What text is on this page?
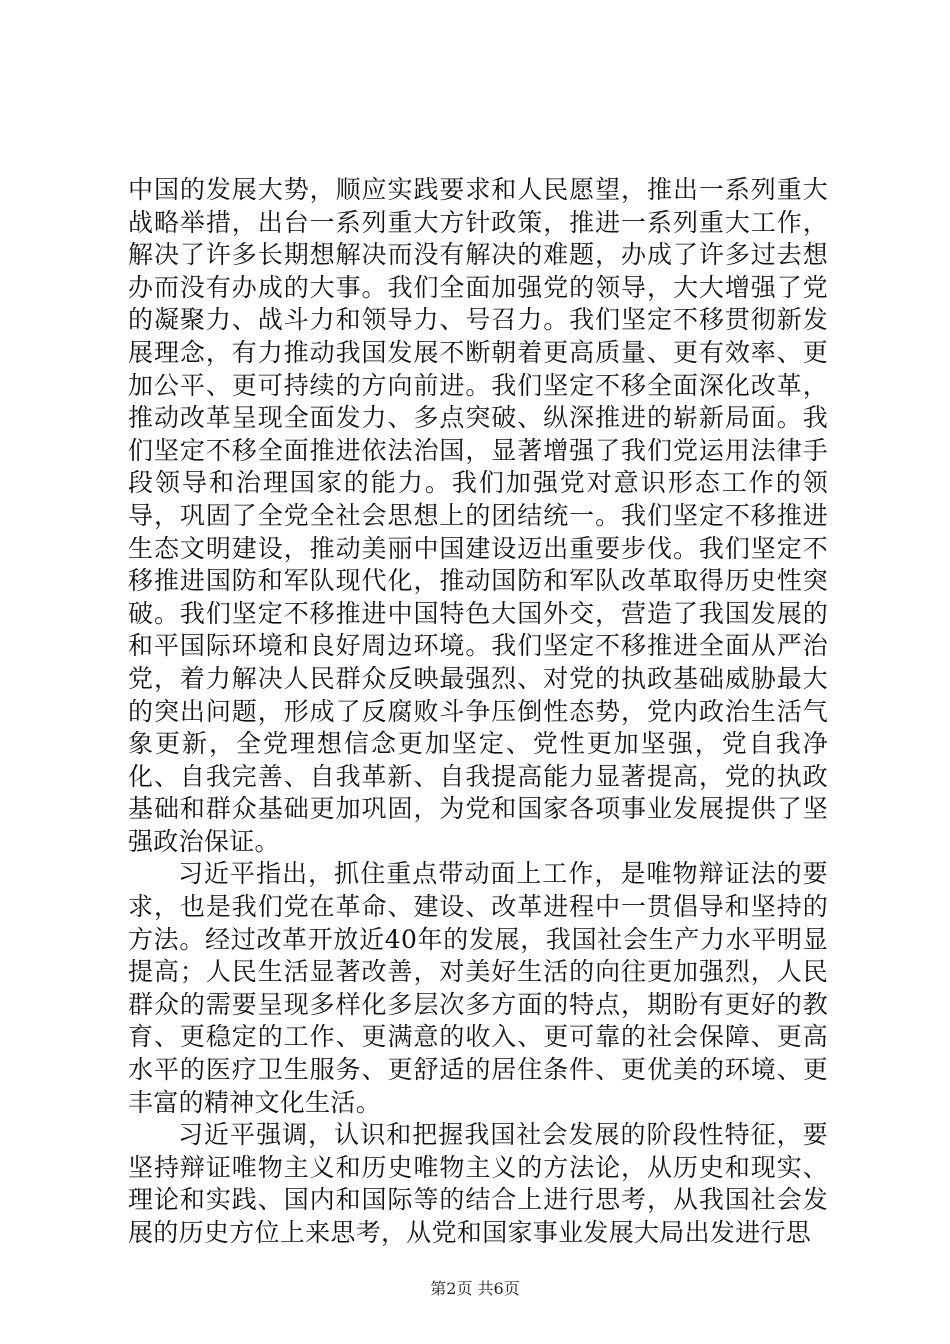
中国的发展大势，顺应实践要求和人民愿望，推出一系列重大战略举措，出台一系列重大方针政策，推进一系列重大工作，解决了许多长期想解决而没有解决的难题，办成了许多过去想办而没有办成的大事。我们全面加强党的领导，大大增强了党的凝聚力、战斗力和领导力、号召力。我们坚定不移贯彻新发展理念，有力推动我国发展不断朝着更高质量、更有效率、更加公平、更可持续的方向前进。我们坚定不移全面深化改革，推动改革呈现全面发力、多点突破、纵深推进的崭新局面。我们坚定不移全面推进依法治国，显著增强了我们党运用法律手段领导和治理国家的能力。我们加强党对意识形态工作的领导，巩固了全党全社会思想上的团结统一。我们坚定不移推进生态文明建设，推动美丽中国建设迈出重要步伐。我们坚定不移推进国防和军队现代化，推动国防和军队改革取得历史性突破。我们坚定不移推进中国特色大国外交，营造了我国发展的和平国际环境和良好周边环境。我们坚定不移推进全面从严治党，着力解决人民群众反映最强烈、对党的执政基础威胁最大的突出问题，形成了反腐败斗争压倒性态势，党内政治生活气象更新，全党理想信念更加坚定、党性更加坚强，党自我净化、自我完善、自我革新、自我提高能力显著提高，党的执政基础和群众基础更加巩固，为党和国家各项事业发展提供了坚强政治保证。

习近平指出，抓住重点带动面上工作，是唯物辩证法的要求，也是我们党在革命、建设、改革进程中一贯倡导和坚持的方法。经过改革开放近40年的发展，我国社会生产力水平明显提高；人民生活显著改善，对美好生活的向往更加强烈，人民群众的需要呈现多样化多层次多方面的特点，期盼有更好的教育、更稳定的工作、更满意的收入、更可靠的社会保障、更高水平的医疗卫生服务、更舒适的居住条件、更优美的环境、更丰富的精神文化生活。

习近平强调，认识和把握我国社会发展的阶段性特征，要坚持辩证唯物主义和历史唯物主义的方法论，从历史和现实、理论和实践、国内和国际等的结合上进行思考，从我国社会发展的历史方位上来思考，从党和国家事业发展大局出发进行思

第2页 共6页
